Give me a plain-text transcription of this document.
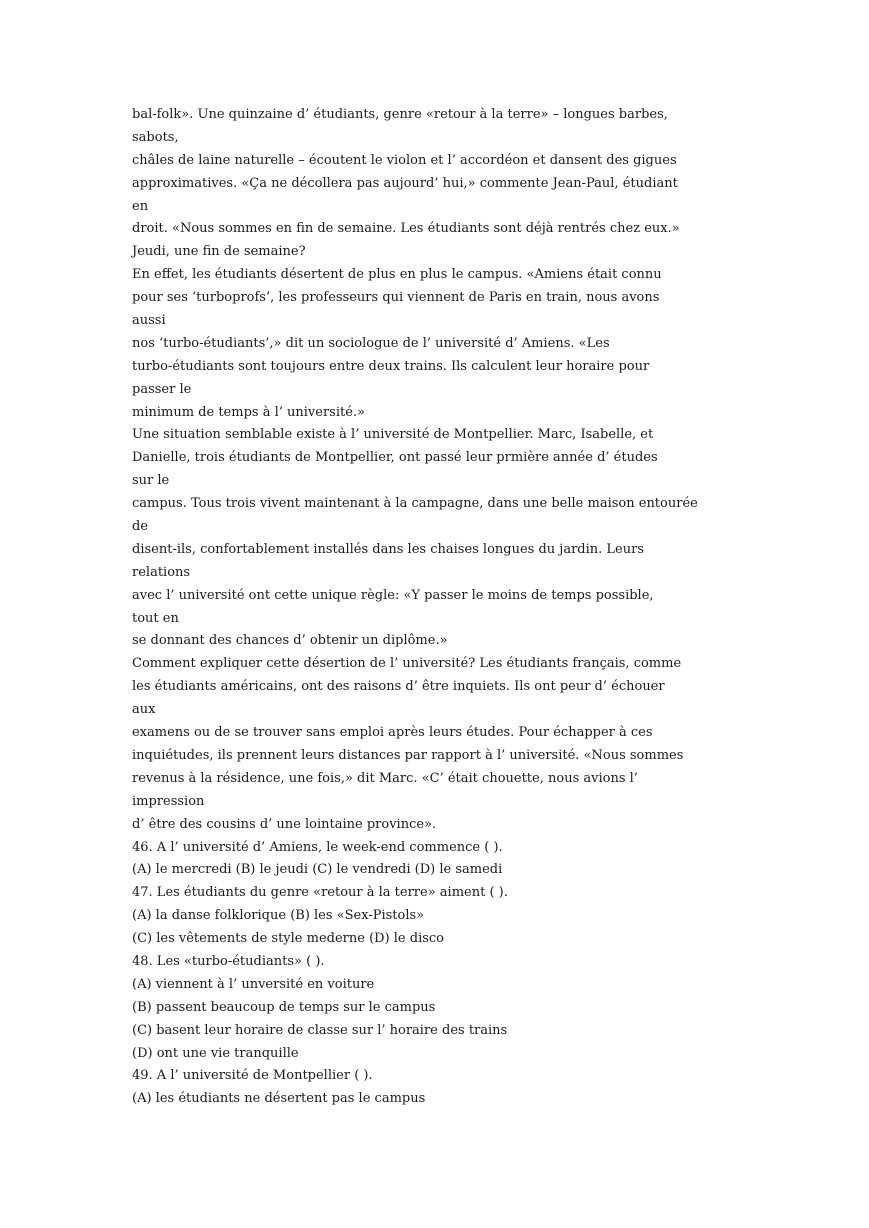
bal-folk». Une quinzaine d’ étudiants, genre «retour à la terre» – longues barbes,
sabots,
châles de laine naturelle – écoutent le violon et l’ accordéon et dansent des gigues
approximatives. «Ça ne décollera pas aujourd’ hui,» commente Jean-Paul, étudiant
en
droit. «Nous sommes en fin de semaine. Les étudiants sont déjà rentrés chez eux.»
Jeudi, une fin de semaine?
En effet, les étudiants désertent de plus en plus le campus. «Amiens était connu
pour ses ‘turboprofs’, les professeurs qui viennent de Paris en train, nous avons
aussi
nos ‘turbo-étudiants’,» dit un sociologue de l’ université d’ Amiens. «Les
turbo-étudiants sont toujours entre deux trains. Ils calculent leur horaire pour
passer le
minimum de temps à l’ université.»
Une situation semblable existe à l’ université de Montpellier. Marc, Isabelle, et
Danielle, trois étudiants de Montpellier, ont passé leur prmière année d’ études
sur le
campus. Tous trois vivent maintenant à la campagne, dans une belle maison entourée
de
disent-ils, confortablement installés dans les chaises longues du jardin. Leurs
relations
avec l’ université ont cette unique règle: «Y passer le moins de temps possible,
tout en
se donnant des chances d’ obtenir un diplôme.»
Comment expliquer cette désertion de l’ université? Les étudiants français, comme
les étudiants américains, ont des raisons d’ être inquiets. Ils ont peur d’ échouer
aux
examens ou de se trouver sans emploi après leurs études. Pour échapper à ces
inquiétudes, ils prennent leurs distances par rapport à l’ université. «Nous sommes
revenus à la résidence, une fois,» dit Marc. «C’ était chouette, nous avions l’
impression
d’ être des cousins d’ une lointaine province».
46. A l’ université d’ Amiens, le week-end commence ( ).
(A) le mercredi (B) le jeudi (C) le vendredi (D) le samedi
47. Les étudiants du genre «retour à la terre» aiment ( ).
(A) la danse folklorique (B) les «Sex-Pistols»
(C) les vêtements de style mederne (D) le disco
48. Les «turbo-étudiants» ( ).
(A) viennent à l’ unversité en voiture
(B) passent beaucoup de temps sur le campus
(C) basent leur horaire de classe sur l’ horaire des trains
(D) ont une vie tranquille
49. A l’ université de Montpellier ( ).
(A) les étudiants ne désertent pas le campus
